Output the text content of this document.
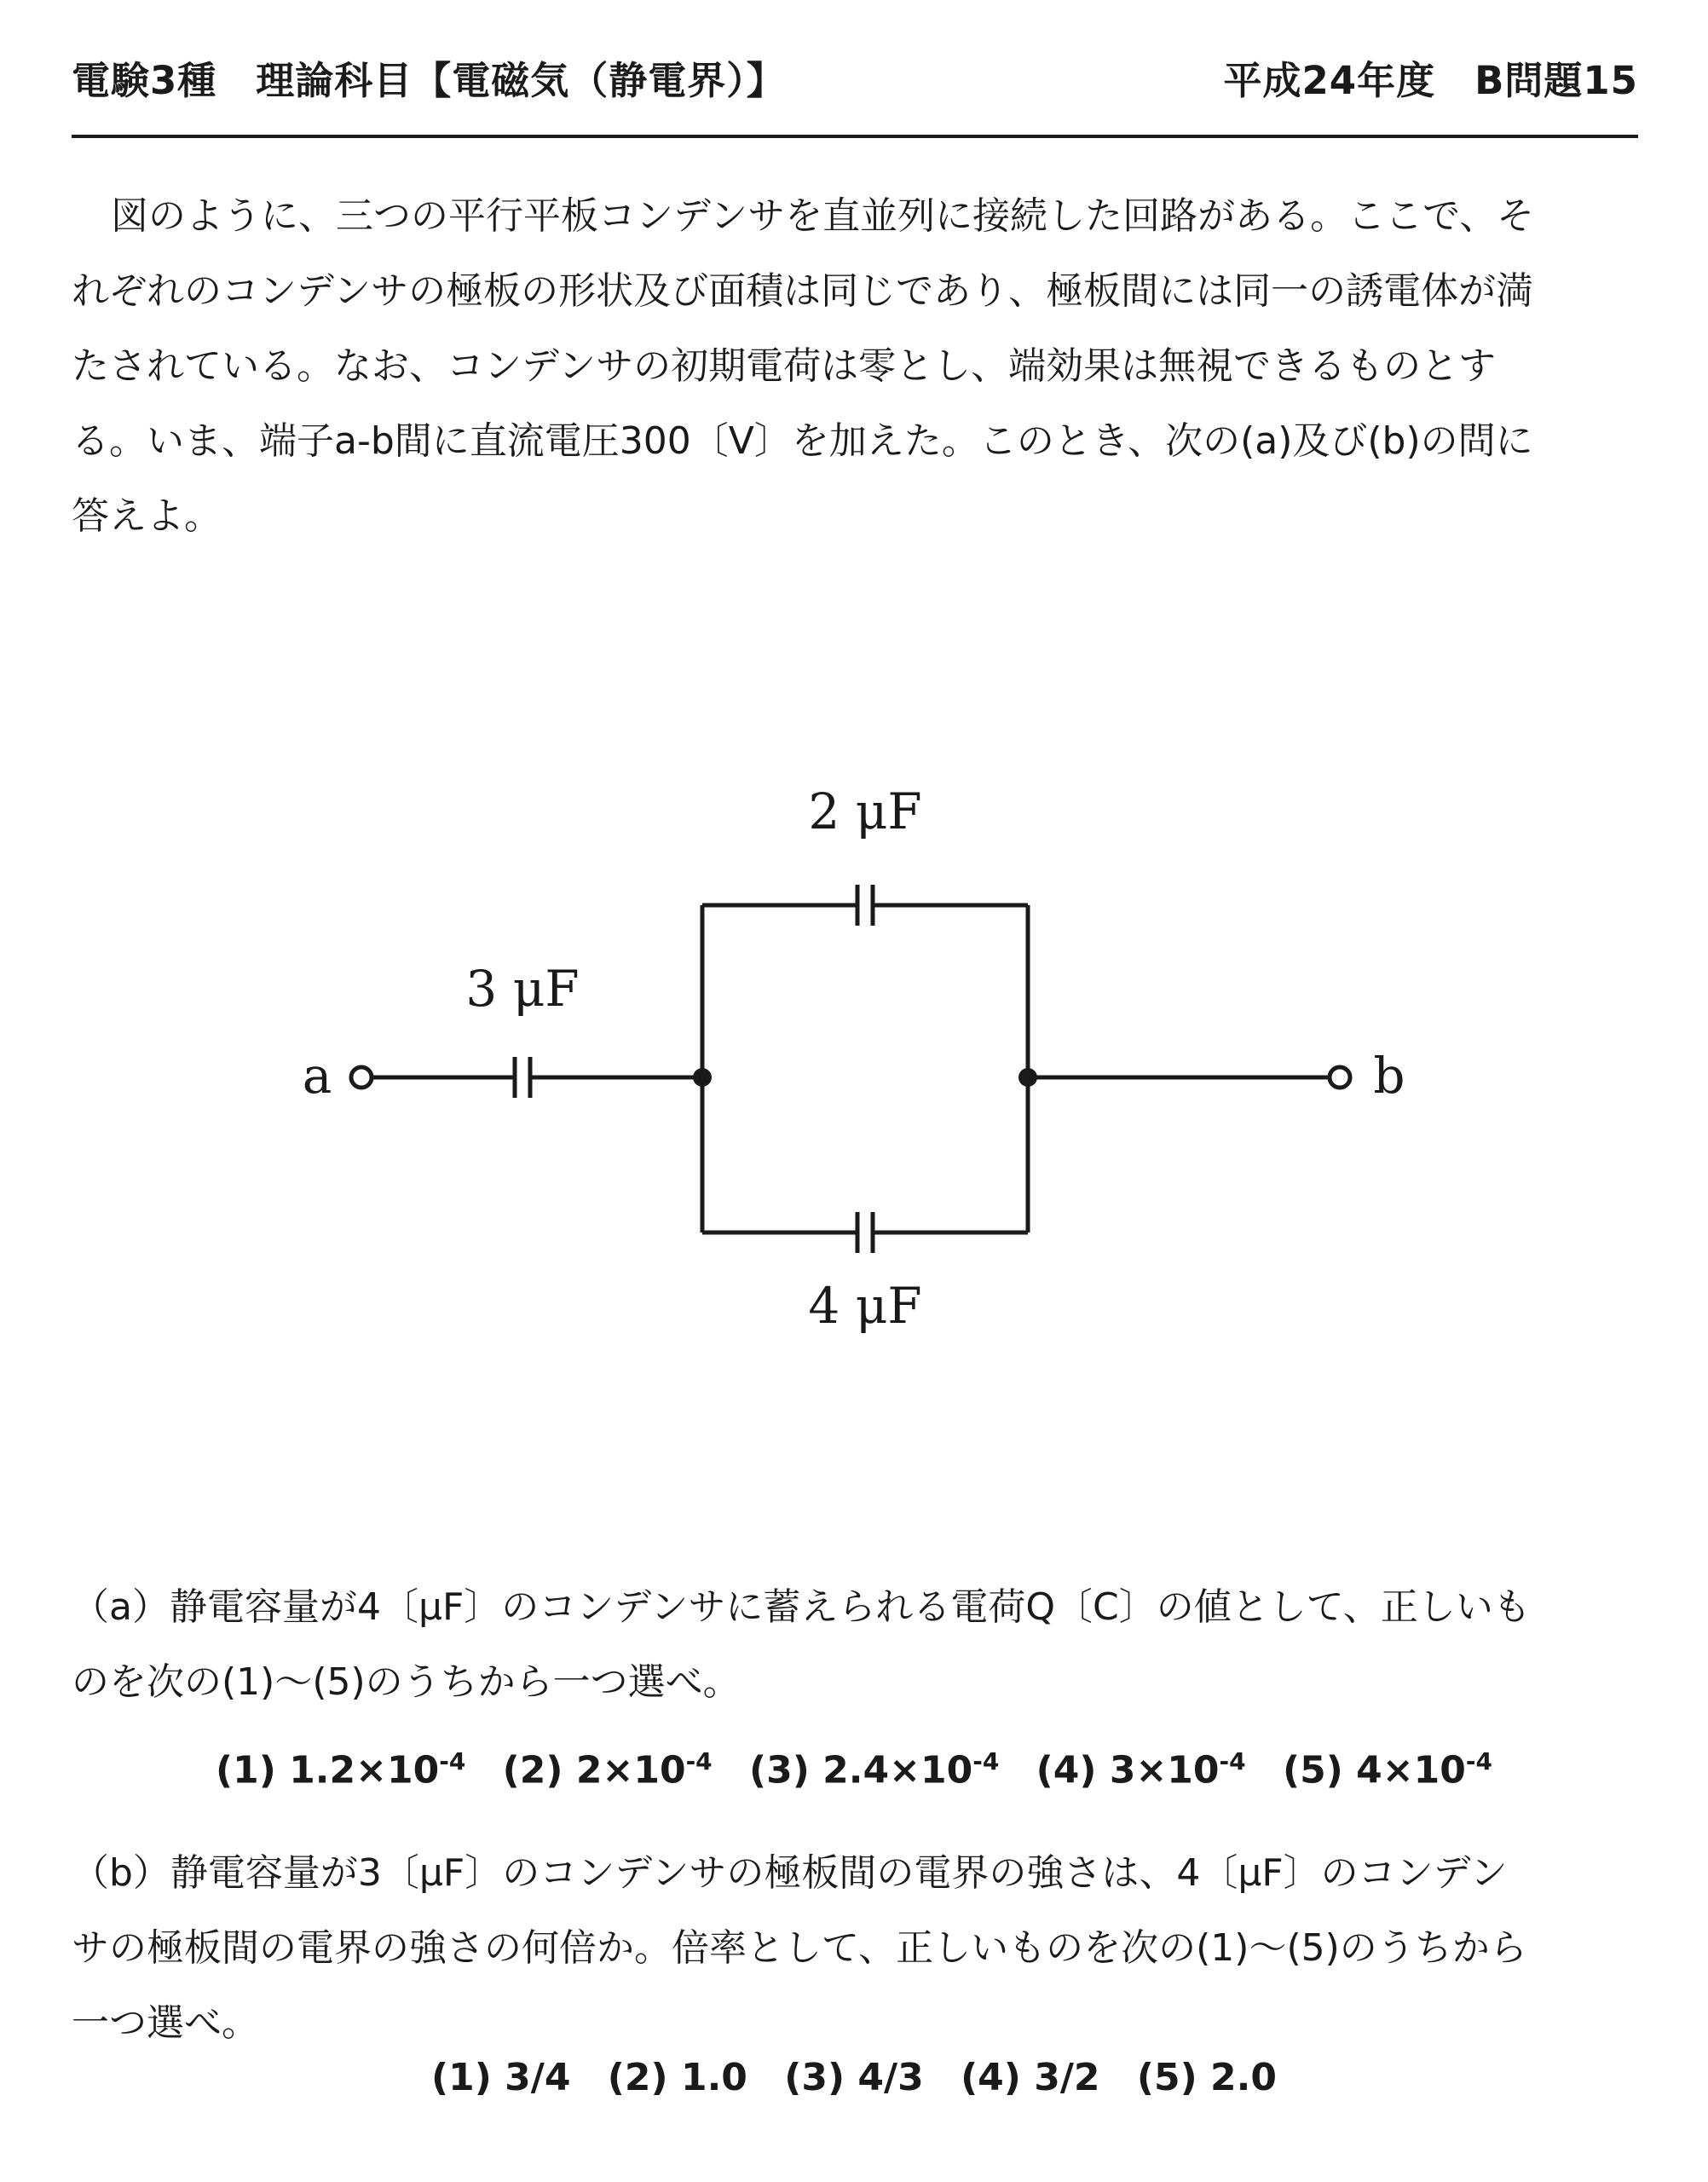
電験3種　理論科目【電磁気（静電界）】	平成24年度　B問題15
図のように、三つの平行平板コンデンサを直並列に接続した回路がある。ここで、そ
れぞれのコンデンサの極板の形状及び面積は同じであり、極板間には同一の誘電体が満
たされている。なお、コンデンサの初期電荷は零とし、端効果は無視できるものとす
る。いま、端子a-b間に直流電圧300〔V〕を加えた。このとき、次の(a)及び(b)の問に
答えよ。
a	b
3 μF
2 μF
4 μF
（a）静電容量が4〔μF〕のコンデンサに蓄えられる電荷Q〔C〕の値として、正しいも
のを次の(1)～(5)のうちから一つ選べ。
(1) $1.2\times 10^{-4}$ (2) $2\times 10^{-4}$ (3) $2.4\times 10^{-4}$ (4) $3\times 10^{-4}$ (5) $4\times 10^{-4}$
（b）静電容量が3〔μF〕のコンデンサの極板間の電界の強さは、4〔μF〕のコンデン
サの極板間の電界の強さの何倍か。倍率として、正しいものを次の(1)～(5)のうちから
一つ選べ。
(1) 3/4 (2) 1.0 (3) 4/3 (4) 3/2 (5) 2.0
